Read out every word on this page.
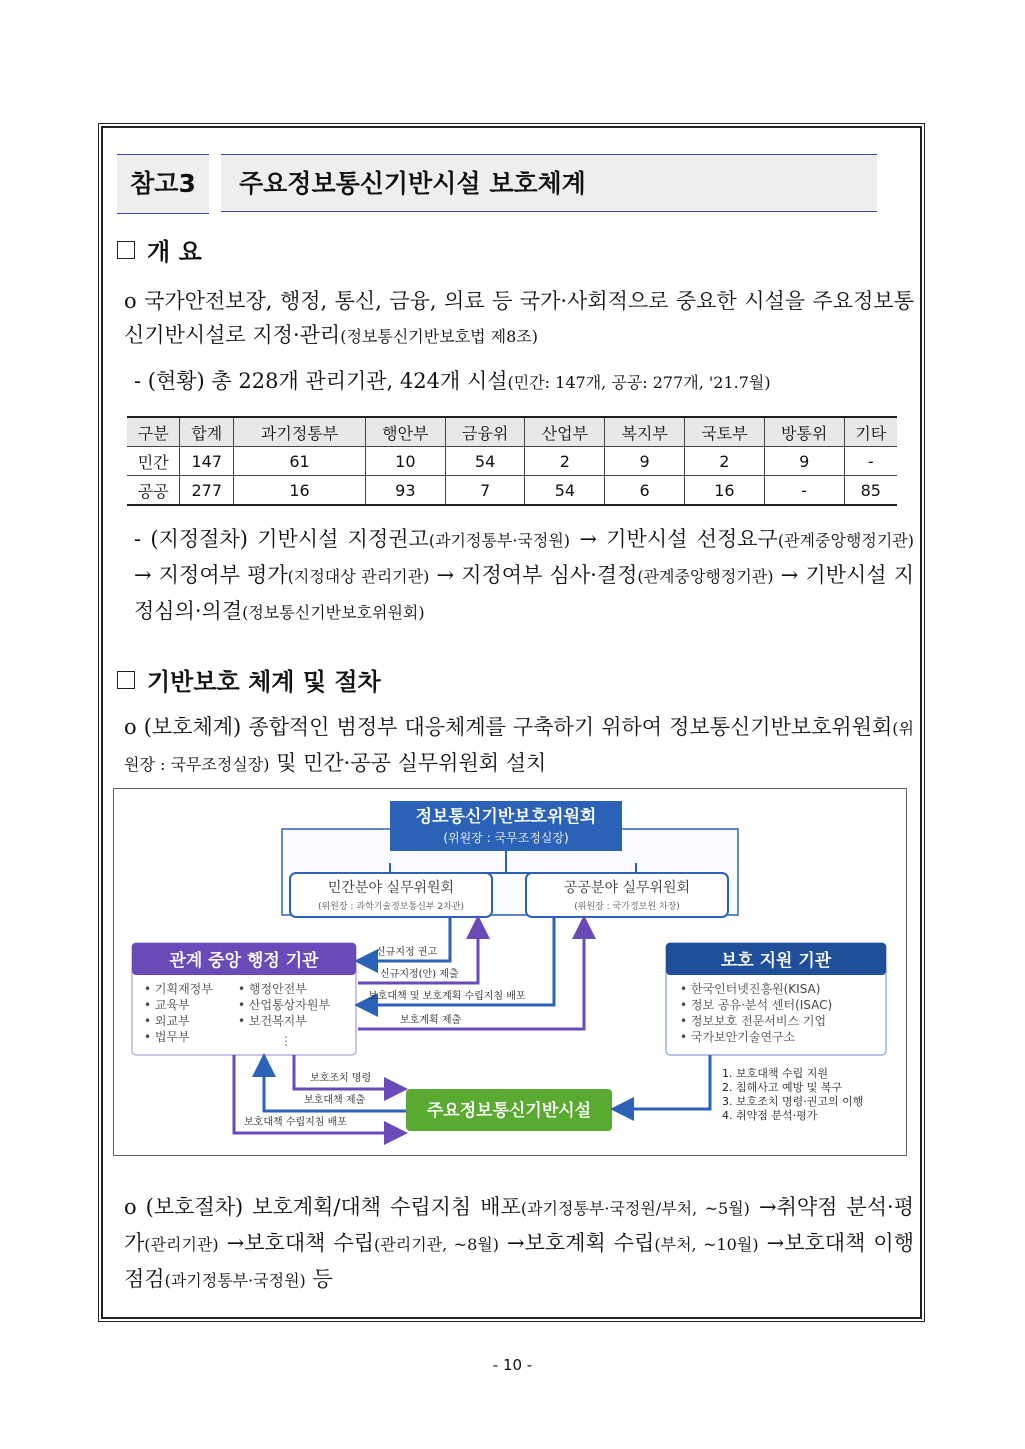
참고3	주요정보통신기반시설 보호체계
개 요
o 국가안전보장, 행정, 통신, 금융, 의료 등 국가·사회적으로 중요한 시설을 주요정보통신기반시설로 지정·관리(정보통신기반보호법 제8조)
- (현황) 총 228개 관리기관, 424개 시설(민간: 147개, 공공: 277개, '21.7월)
구분	합계	과기정통부	행안부	금융위	산업부	복지부	국토부	방통위	기타
민간	147	61	10	54	2	9	2	9	-
공공	277	16	93	7	54	6	16	-	85
- (지정절차) 기반시설 지정권고(과기정통부·국정원) → 기반시설 선정요구(관계중앙행정기관) → 지정여부 평가(지정대상 관리기관) → 지정여부 심사·결정(관계중앙행정기관) → 기반시설 지정심의·의결(정보통신기반보호위원회)
기반보호 체계 및 절차
o (보호체계) 종합적인 범정부 대응체계를 구축하기 위하여 정보통신기반보호위원회(위원장 : 국무조정실장) 및 민간·공공 실무위원회 설치
정보통신기반보호위원회
(위원장 : 국무조정실장)
민간분야 실무위원회
(위원장 : 과학기술정보통신부 2차관)
공공분야 실무위원회
(위원장 : 국가정보원 차장)
관계 중앙 행정 기관
• 기획재정부
• 교육부
• 외교부
• 법무부
• 행정안전부
• 산업통상자원부
• 보건복지부
⋮
보호 지원 기관
• 한국인터넷진흥원(KISA)
• 정보 공유·분석 센터(ISAC)
• 정보보호 전문서비스 기업
• 국가보안기술연구소
주요정보통신기반시설
신규지정 권고
신규지정(안) 제출
보호대책 및 보호계획 수립지침 배포
보호계획 제출
보호조치 명령
보호대책 제출
보호대책 수립지침 배포
1. 보호대책 수립 지원
2. 침해사고 예방 및 복구
3. 보호조치 명령·권고의 이행
4. 취약점 분석·평가
o (보호절차) 보호계획/대책 수립지침 배포(과기정통부·국정원/부처, ~5월) →취약점 분석·평가(관리기관) →보호대책 수립(관리기관, ~8월) →보호계획 수립(부처, ~10월) →보호대책 이행점검(과기정통부·국정원) 등
- 10 -
